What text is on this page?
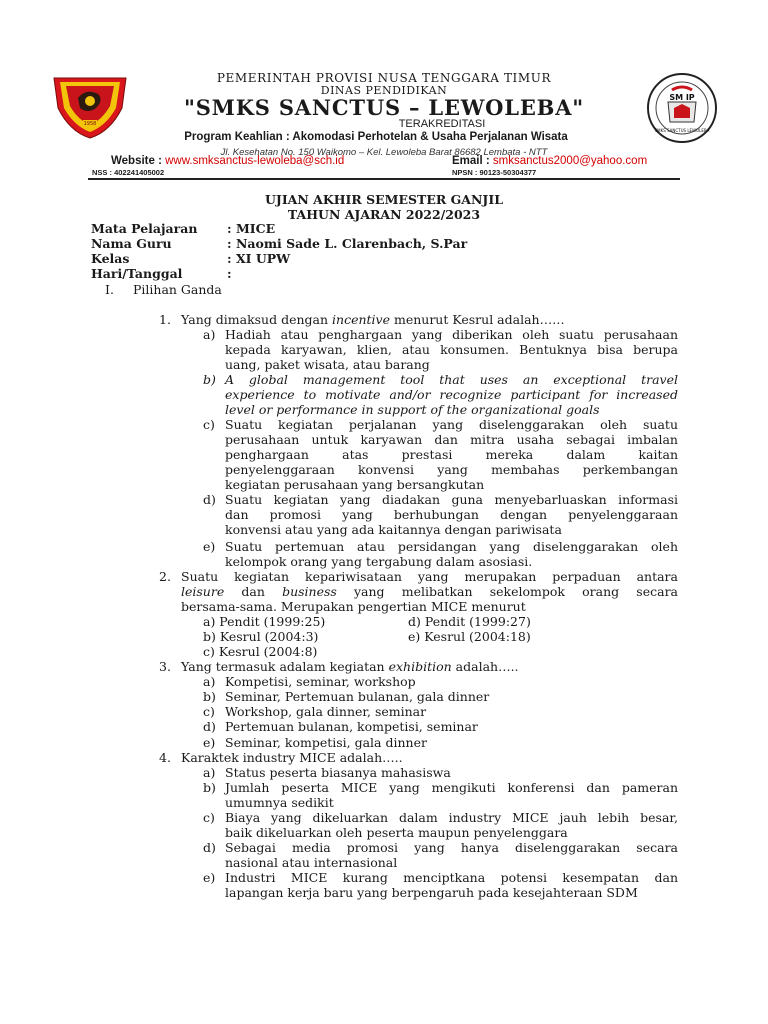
1958
SM IP
SMKS SANCTUS LEWOLEBA
PEMERINTAH PROVISI NUSA TENGGARA TIMUR
DINAS PENDIDIKAN
"SMKS SANCTUS – LEWOLEBA"
TERAKREDITASI
Program Keahlian : Akomodasi Perhotelan & Usaha Perjalanan Wisata
Jl. Kesehatan No. 150 Waikomo – Kel. Lewoleba Barat 86682 Lembata - NTT
Website : www.smksanctus-lewoleba@sch.id	Email : smksanctus2000@yahoo.com
NSS : 402241405002	NPSN : 90123-50304377
UJIAN AKHIR SEMESTER GANJIL
TAHUN AJARAN 2022/2023
Mata Pelajaran : MICE
Nama Guru	: Naomi Sade L. Clarenbach, S.Par
Kelas	: XI UPW
Hari/Tanggal	:
I. Pilihan Ganda
1. Yang dimaksud dengan incentive menurut Kesrul adalah……
a) Hadiah atau penghargaan yang diberikan oleh suatu perusahaan
kepada karyawan, klien, atau konsumen. Bentuknya bisa berupa
uang, paket wisata, atau barang
b) A global management tool that uses an exceptional travel
experience to motivate and/or recognize participant for increased
level or performance in support of the organizational goals
c) Suatu kegiatan perjalanan yang diselenggarakan oleh suatu
perusahaan untuk karyawan dan mitra usaha sebagai imbalan
penghargaan atas prestasi mereka dalam kaitan
penyelenggaraan konvensi yang membahas perkembangan
kegiatan perusahaan yang bersangkutan
d) Suatu kegiatan yang diadakan guna menyebarluaskan informasi
dan promosi yang berhubungan dengan penyelenggaraan
konvensi atau yang ada kaitannya dengan pariwisata
e) Suatu pertemuan atau persidangan yang diselenggarakan oleh
kelompok orang yang tergabung dalam asosiasi.
2. Suatu kegiatan kepariwisataan yang merupakan perpaduan antara
leisure dan business yang melibatkan sekelompok orang secara
bersama-sama. Merupakan pengertian MICE menurut
a) Pendit (1999:25)	d) Pendit (1999:27)
b) Kesrul (2004:3)	e) Kesrul (2004:18)
c) Kesrul (2004:8)
3. Yang termasuk adalam kegiatan exhibition adalah…..
a) Kompetisi, seminar, workshop
b) Seminar, Pertemuan bulanan, gala dinner
c) Workshop, gala dinner, seminar
d) Pertemuan bulanan, kompetisi, seminar
e) Seminar, kompetisi, gala dinner
4. Karaktek industry MICE adalah…..
a) Status peserta biasanya mahasiswa
b) Jumlah peserta MICE yang mengikuti konferensi dan pameran
umumnya sedikit
c) Biaya yang dikeluarkan dalam industry MICE jauh lebih besar,
baik dikeluarkan oleh peserta maupun penyelenggara
d) Sebagai media promosi yang hanya diselenggarakan secara
nasional atau internasional
e) Industri MICE kurang menciptkana potensi kesempatan dan
lapangan kerja baru yang berpengaruh pada kesejahteraan SDM
